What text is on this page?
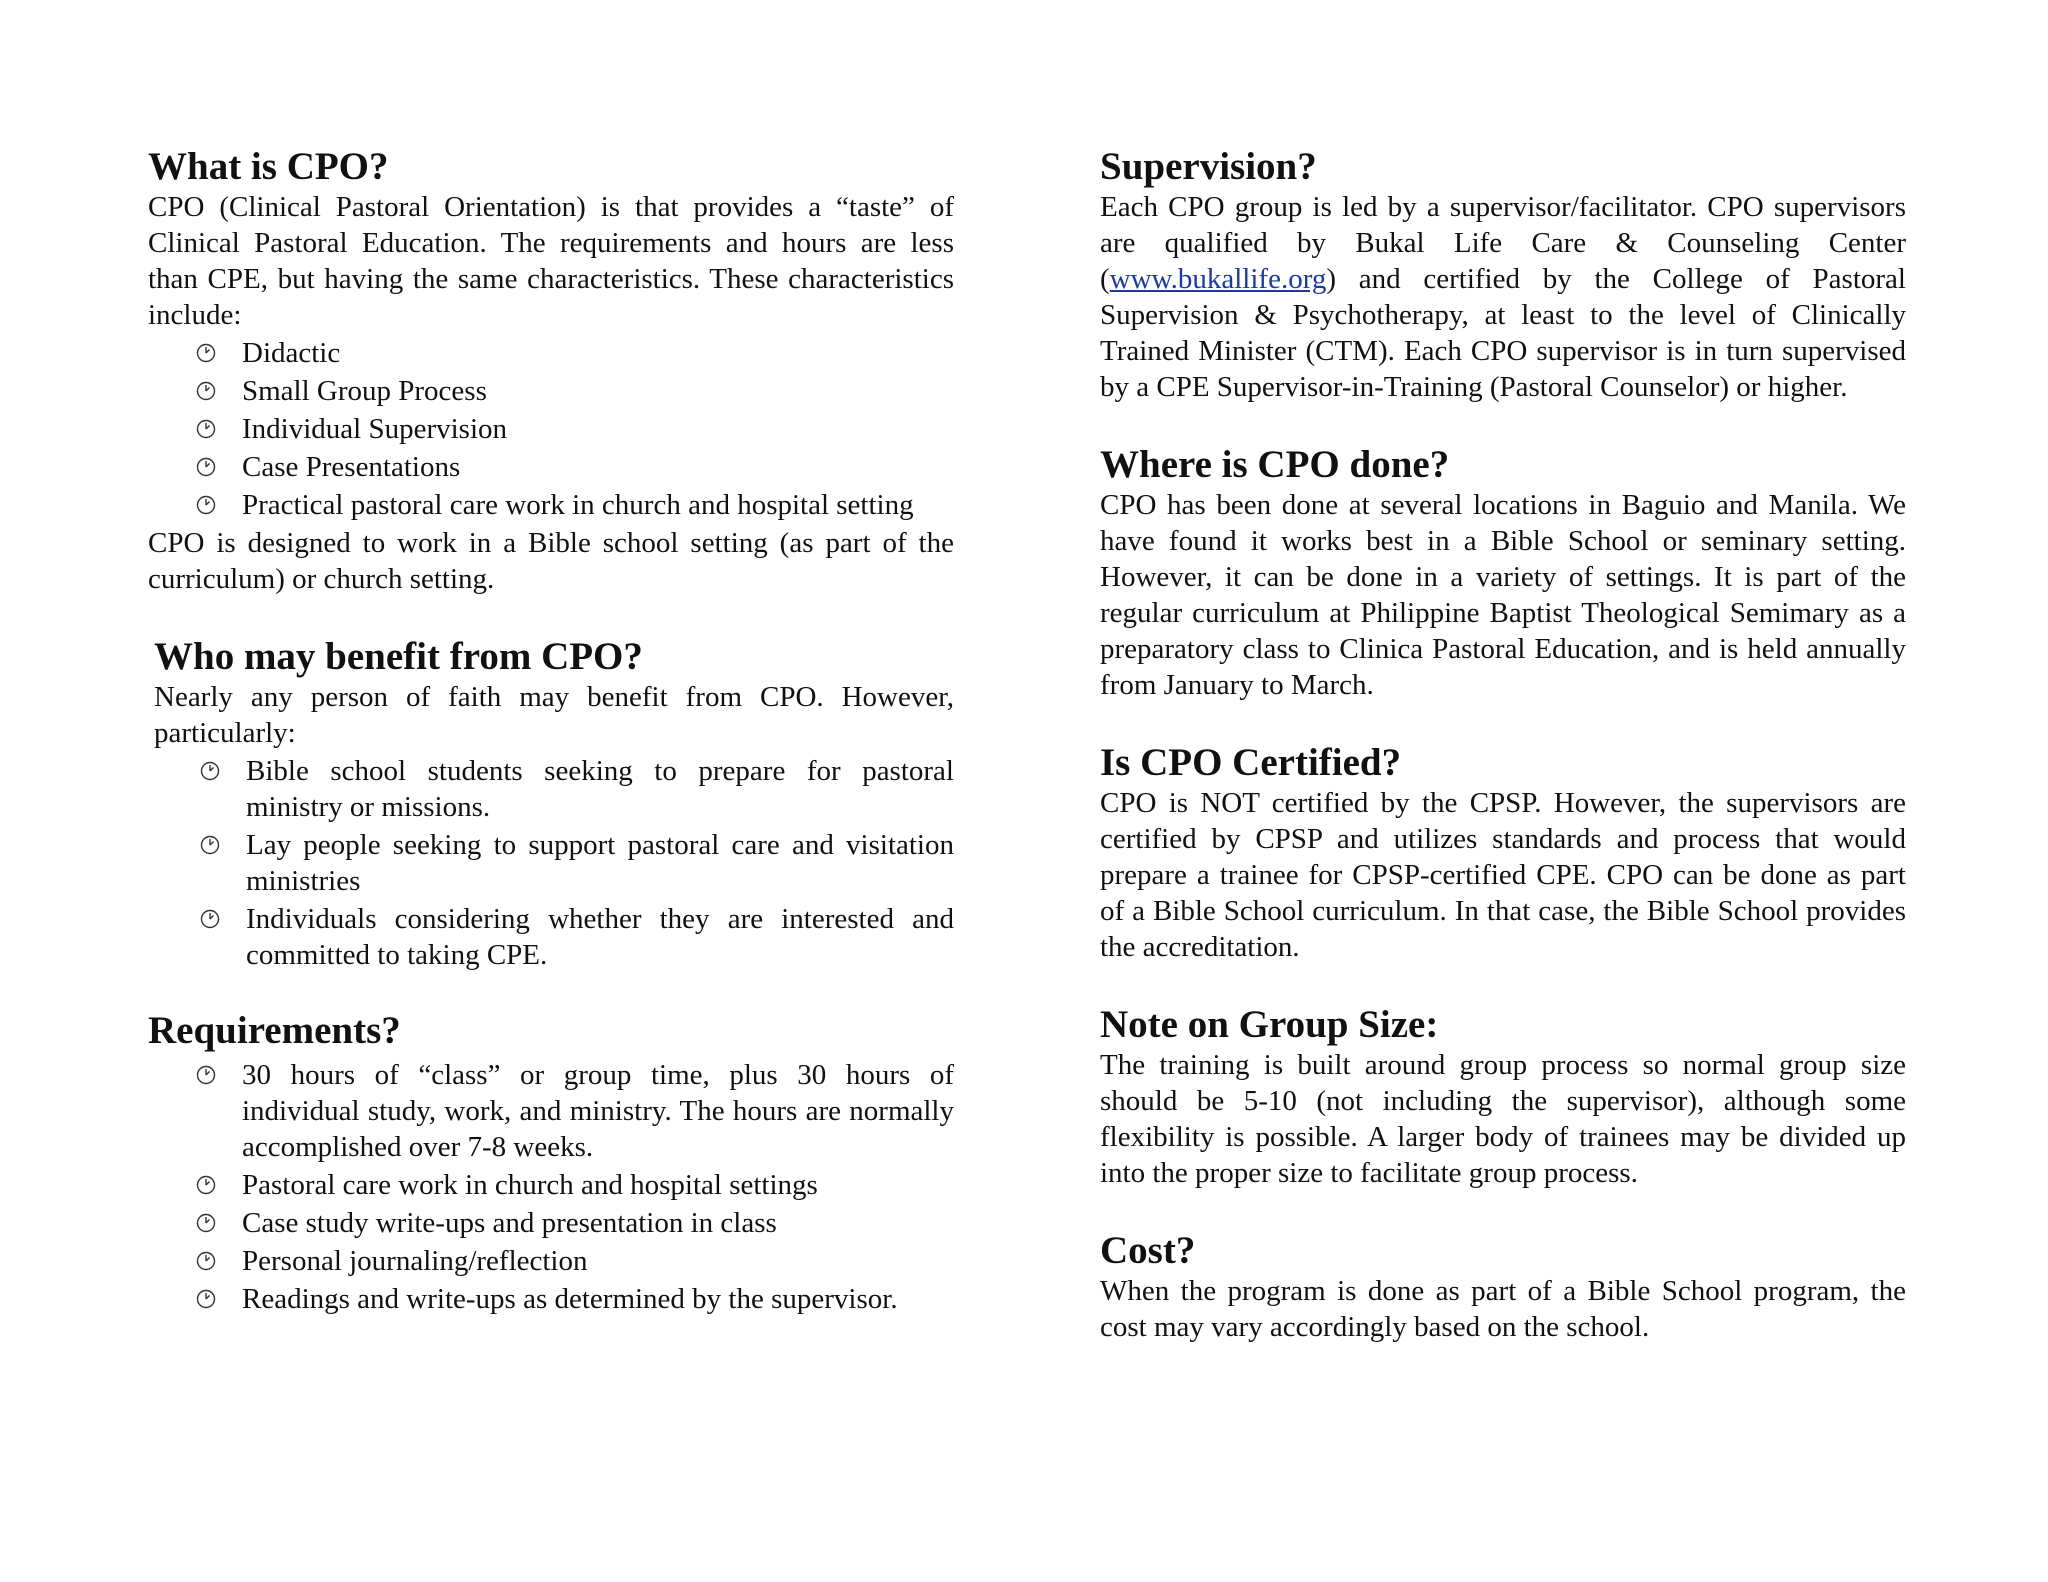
What is CPO?

CPO (Clinical Pastoral Orientation) is that provides a “taste” of Clinical Pastoral Education. The requirements and hours are less than CPE, but having the same characteristics. These characteristics include:

Didactic
Small Group Process
Individual Supervision
Case Presentations
Practical pastoral care work in church and hospital setting

CPO is designed to work in a Bible school setting (as part of the curriculum) or church setting.

Who may benefit from CPO?

Nearly any person of faith may benefit from CPO. However, particularly:

Bible school students seeking to prepare for pastoral ministry or missions.
Lay people seeking to support pastoral care and visitation ministries
Individuals considering whether they are interested and committed to taking CPE.
Requirements?
30 hours of “class” or group time, plus 30 hours of individual study, work, and ministry. The hours are normally accomplished over 7-8 weeks.
Pastoral care work in church and hospital settings
Case study write-ups and presentation in class
Personal journaling/reflection
Readings and write-ups as determined by the supervisor.
Supervision?

Each CPO group is led by a supervisor/facilitator. CPO supervisors are qualified by Bukal Life Care & Counseling Center (www.bukallife.org) and certified by the College of Pastoral Supervision & Psychotherapy, at least to the level of Clinically Trained Minister (CTM). Each CPO supervisor is in turn supervised by a CPE Supervisor-in-Training (Pastoral Counselor) or higher.

Where is CPO done?

CPO has been done at several locations in Baguio and Manila. We have found it works best in a Bible School or seminary setting. However, it can be done in a variety of settings. It is part of the regular curriculum at Philippine Baptist Theological Semimary as a preparatory class to Clinica Pastoral Education, and is held annually from January to March.

Is CPO Certified?

CPO is NOT certified by the CPSP. However, the supervisors are certified by CPSP and utilizes standards and process that would prepare a trainee for CPSP-certified CPE. CPO can be done as part of a Bible School curriculum. In that case, the Bible School provides the accreditation.

Note on Group Size:

The training is built around group process so normal group size should be 5-10 (not including the supervisor), although some flexibility is possible. A larger body of trainees may be divided up into the proper size to facilitate group process.

Cost?

When the program is done as part of a Bible School program, the cost may vary accordingly based on the school.
